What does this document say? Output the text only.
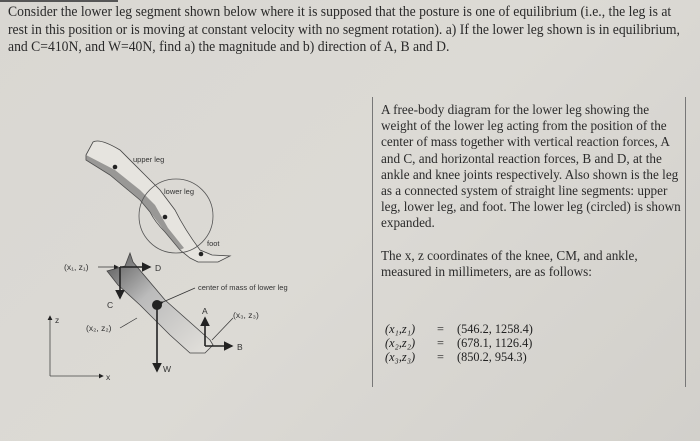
Consider the lower leg segment shown below where it is supposed that the posture is one of equilibrium (i.e., the leg is at rest in this position or is moving at constant velocity with no segment rotation). a) If the lower leg shown is in equilibrium, and C=410N, and W=40N, find a) the magnitude and b) direction of A, B and D.
upper leg
lower leg
foot
(x₁, z₁)	D
C
(x₂, z₂)
center of mass of lower leg
W
A
B
(x₃, z₃)
z
x
A free-body diagram for the lower leg showing the weight of the lower leg acting from the position of the center of mass together with vertical reaction forces, A and C, and horizontal reaction forces, B and D, at the ankle and knee joints respectively. Also shown is the leg as a connected system of straight line segments: upper leg, lower leg, and foot. The lower leg (circled) is shown expanded.
The x, z coordinates of the knee, CM, and ankle, measured in millimeters, are as follows:
(x₁,z₁) = (546.2, 1258.4)
(x₂,z₂) = (678.1, 1126.4)
(x₃,z₃) = (850.2, 954.3)
